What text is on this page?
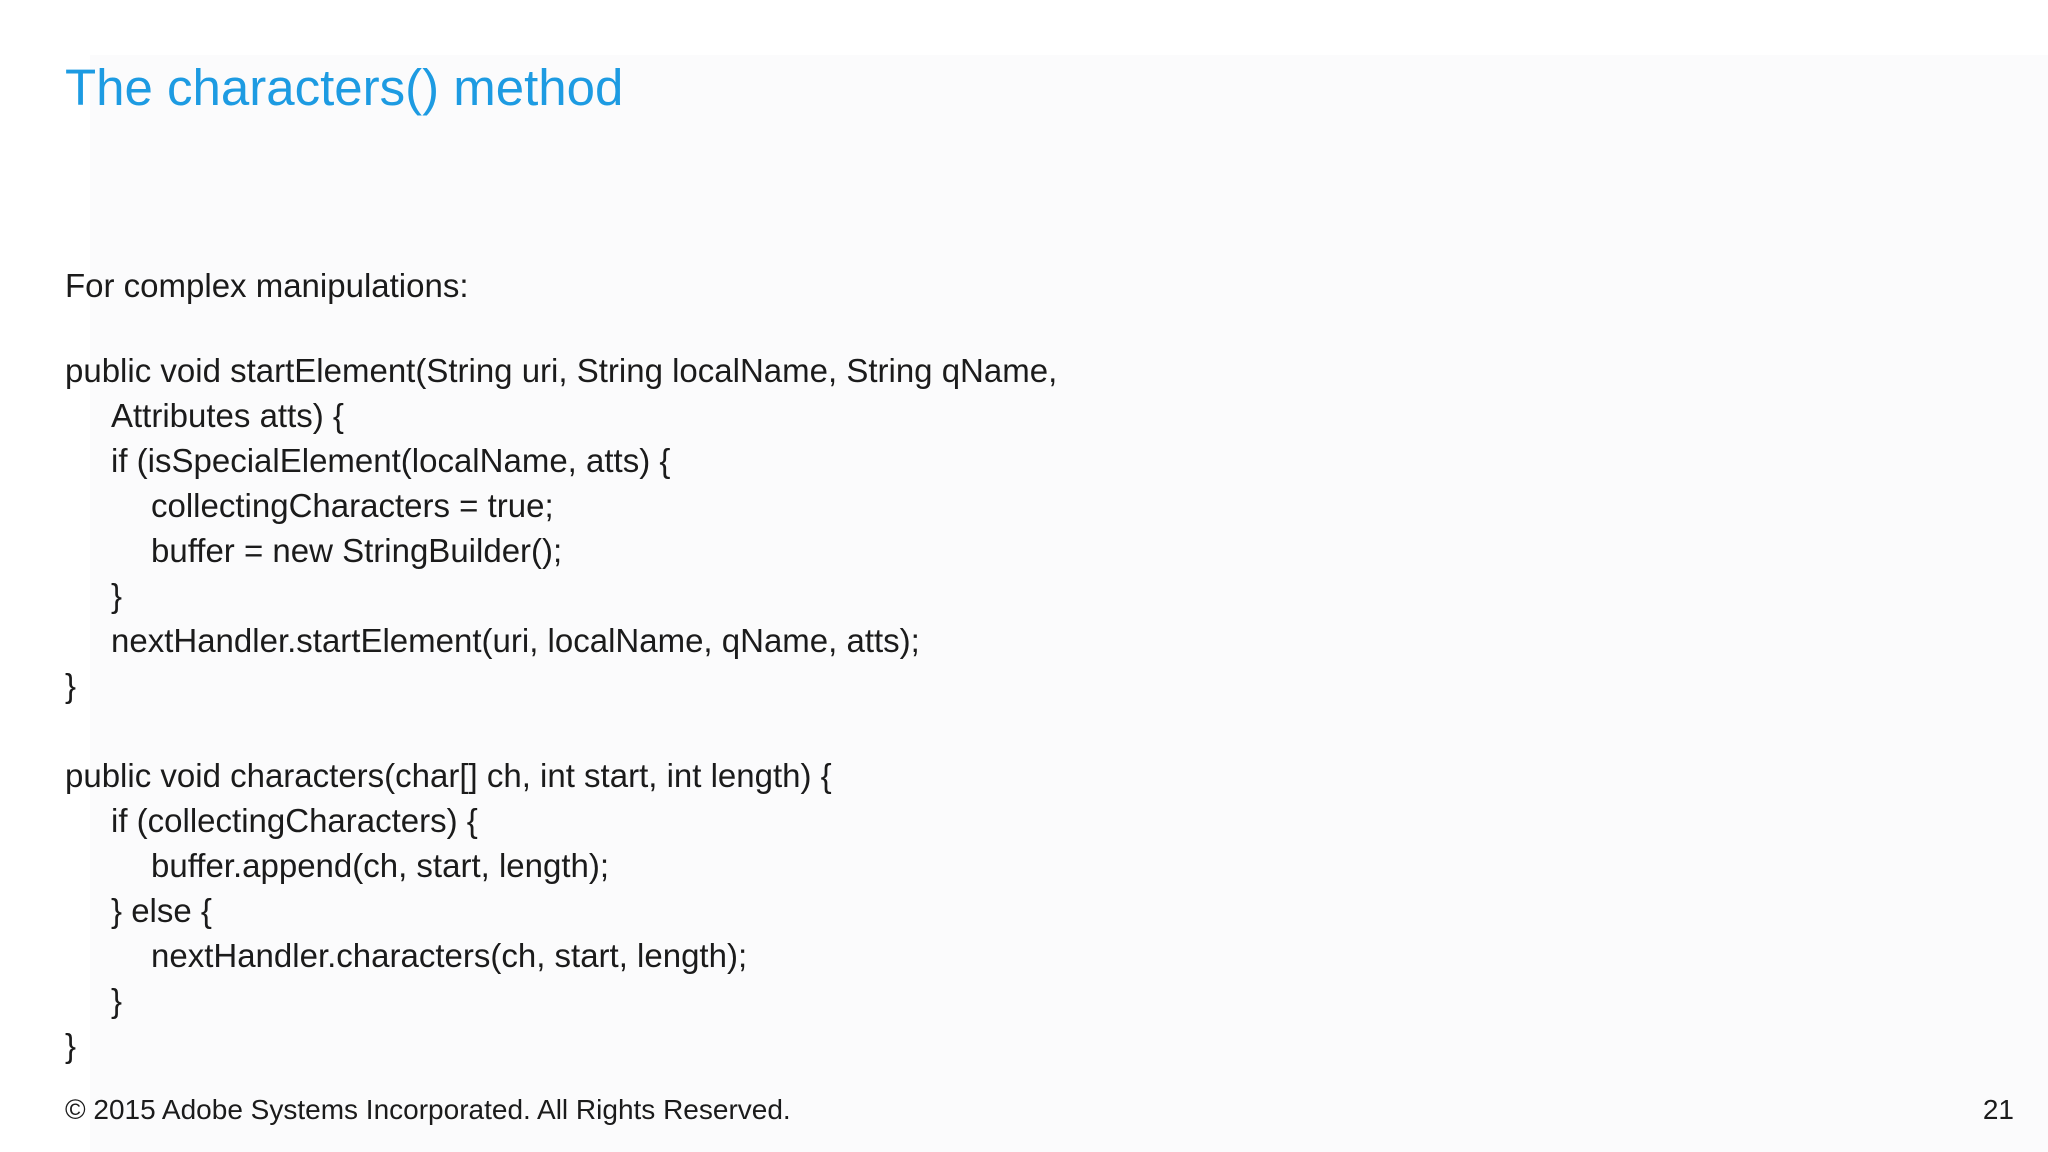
The characters() method

For complex manipulations:

public void startElement(String uri, String localName, String qName,
Attributes atts) {
if (isSpecialElement(localName, atts) {
collectingCharacters = true;
buffer = new StringBuilder();
}
nextHandler.startElement(uri, localName, qName, atts);
}
public void characters(char[] ch, int start, int length) {
if (collectingCharacters) {
buffer.append(ch, start, length);
} else {
nextHandler.characters(ch, start, length);
}
}
© 2015 Adobe Systems Incorporated. All Rights Reserved.	21
